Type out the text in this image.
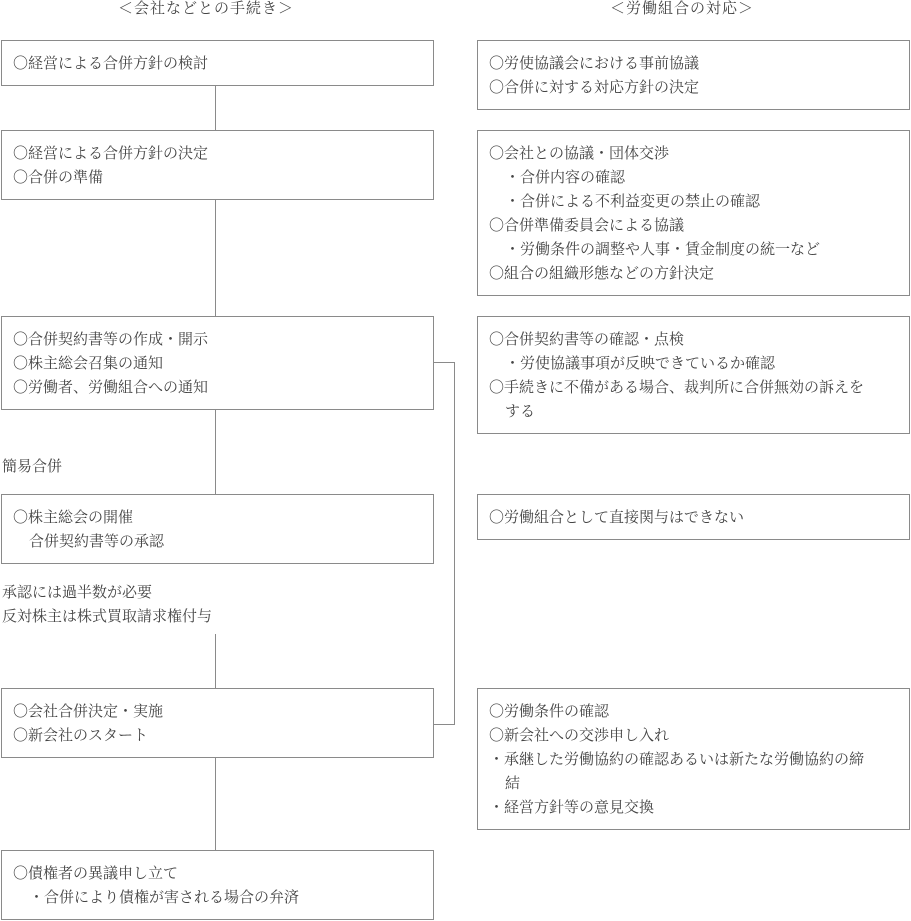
＜会社などとの手続き＞	＜労働組合の対応＞
〇経営による合併方針の検討
〇経営による合併方針の決定
〇合併の準備
〇合併契約書等の作成・開示
〇株主総会召集の通知
〇労働者、労働組合への通知
簡易合併
〇株主総会の開催
合併契約書等の承認
承認には過半数が必要
反対株主は株式買取請求権付与
〇会社合併決定・実施
〇新会社のスタート
〇債権者の異議申し立て
・合併により債権が害される場合の弁済
〇労使協議会における事前協議
〇合併に対する対応方針の決定
〇会社との協議・団体交渉
・合併内容の確認
・合併による不利益変更の禁止の確認
〇合併準備委員会による協議
・労働条件の調整や人事・賃金制度の統一など
〇組合の組織形態などの方針決定
〇合併契約書等の確認・点検
・労使協議事項が反映できているか確認
〇手続きに不備がある場合、裁判所に合併無効の訴えを
する
〇労働組合として直接関与はできない
〇労働条件の確認
〇新会社への交渉申し入れ
・承継した労働協約の確認あるいは新たな労働協約の締
結
・経営方針等の意見交換
